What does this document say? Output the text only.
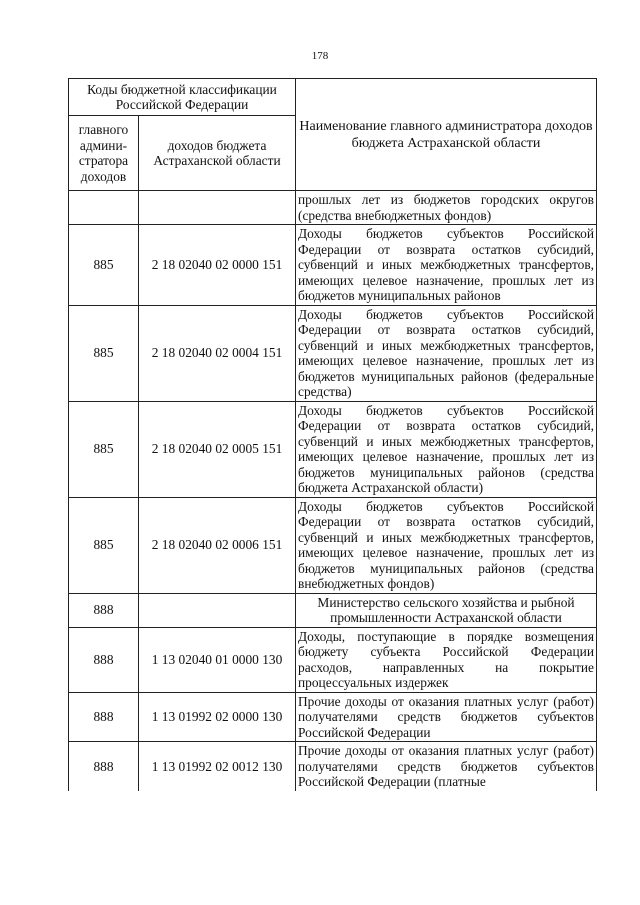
178
Коды бюджетной классификации Российской Федерации		Наименование главного администратора доходов бюджета Астраханской области
главного админи-стратора доходов	доходов бюджета Астраханской области	
		прошлых лет из бюджетов городских округов (средства внебюджетных фондов)
885	2 18 02040 02 0000 151	Доходы бюджетов субъектов Российской Федерации от возврата остатков субсидий, субвенций и иных межбюджетных трансфертов, имеющих целевое назначение, прошлых лет из бюджетов муниципальных районов
885	2 18 02040 02 0004 151	Доходы бюджетов субъектов Российской Федерации от возврата остатков субсидий, субвенций и иных межбюджетных трансфертов, имеющих целевое назначение, прошлых лет из бюджетов муниципальных районов (федеральные средства)
885	2 18 02040 02 0005 151	Доходы бюджетов субъектов Российской Федерации от возврата остатков субсидий, субвенций и иных межбюджетных трансфертов, имеющих целевое назначение, прошлых лет из бюджетов муниципальных районов (средства бюджета Астраханской области)
885	2 18 02040 02 0006 151	Доходы бюджетов субъектов Российской Федерации от возврата остатков субсидий, субвенций и иных межбюджетных трансфертов, имеющих целевое назначение, прошлых лет из бюджетов муниципальных районов (средства внебюджетных фондов)
888		Министерство сельского хозяйства и рыбной промышленности Астраханской области
888	1 13 02040 01 0000 130	Доходы, поступающие в порядке возмещения бюджету субъекта Российской Федерации расходов, направленных на покрытие процессуальных издержек
888	1 13 01992 02 0000 130	Прочие доходы от оказания платных услуг (работ) получателями средств бюджетов субъектов Российской Федерации
888	1 13 01992 02 0012 130	Прочие доходы от оказания платных услуг (работ) получателями средств бюджетов субъектов Российской Федерации (платные
